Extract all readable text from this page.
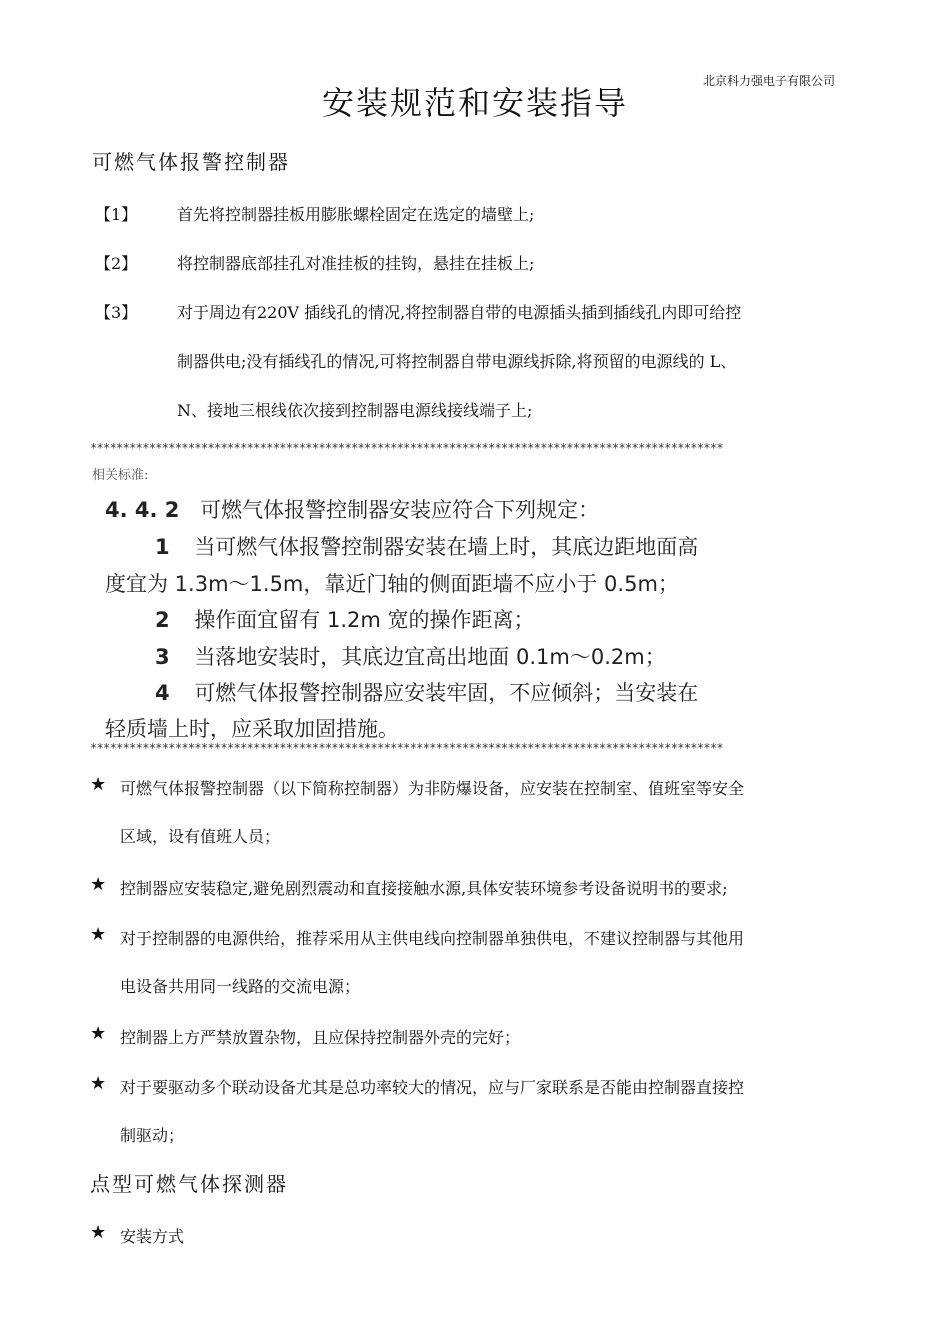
北京科力强电子有限公司
安装规范和安装指导
可燃气体报警控制器
【1】 首先将控制器挂板用膨胀螺栓固定在选定的墙壁上;
【2】 将控制器底部挂孔对准挂板的挂钩，悬挂在挂板上;
【3】 对于周边有220V 插线孔的情况,将控制器自带的电源插头插到插线孔内即可给控
制器供电;没有插线孔的情况,可将控制器自带电源线拆除,将预留的电源线的 L、
N、接地三根线依次接到控制器电源线接线端子上;
*************************************************************************************************
相关标准:
4. 4. 2 可燃气体报警控制器安装应符合下列规定：
1 当可燃气体报警控制器安装在墙上时，其底边距地面高
度宜为 1.3m～1.5m，靠近门轴的侧面距墙不应小于 0.5m；
2 操作面宜留有 1.2m 宽的操作距离；
3 当落地安装时，其底边宜高出地面 0.1m～0.2m；
4 可燃气体报警控制器应安装牢固，不应倾斜；当安装在
轻质墙上时，应采取加固措施。
*************************************************************************************************
★ 可燃气体报警控制器（以下简称控制器）为非防爆设备，应安装在控制室、值班室等安全
区域，设有值班人员；
★ 控制器应安装稳定,避免剧烈震动和直接接触水源,具体安装环境参考设备说明书的要求;
★ 对于控制器的电源供给，推荐采用从主供电线向控制器单独供电，不建议控制器与其他用
电设备共用同一线路的交流电源；
★ 控制器上方严禁放置杂物，且应保持控制器外壳的完好；
★ 对于要驱动多个联动设备尤其是总功率较大的情况，应与厂家联系是否能由控制器直接控
制驱动；
点型可燃气体探测器
★ 安装方式
